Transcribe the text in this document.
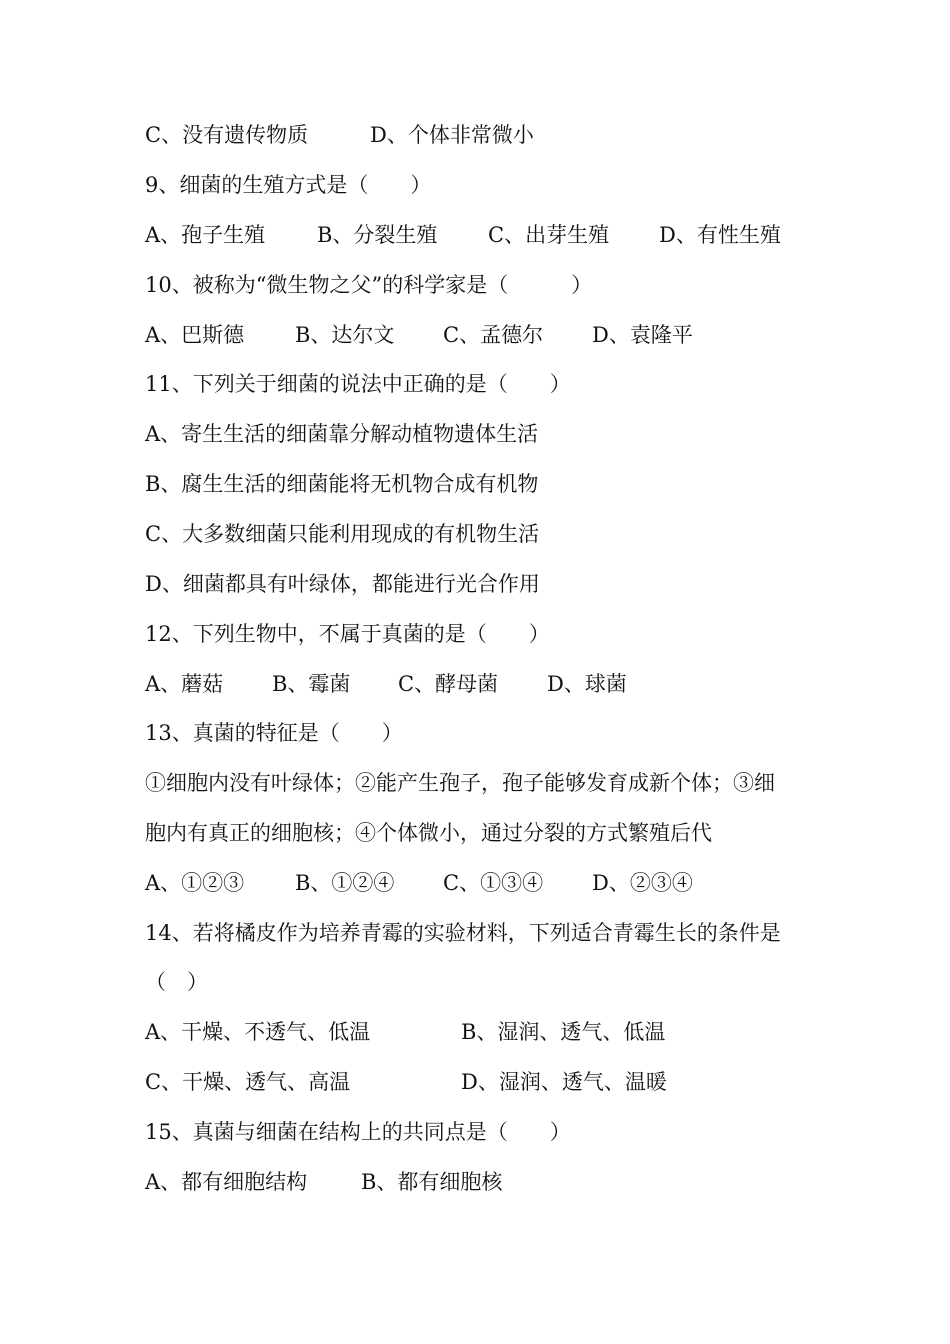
C、没有遗传物质

	D、个体非常微小

9、细菌的生殖方式是（　　）

A、孢子生殖

B、分裂生殖

C、出芽生殖

D、有性生殖

10、被称为“微生物之父”的科学家是（　　　）

A、巴斯德

B、达尔文

C、孟德尔

D、袁隆平

11、下列关于细菌的说法中正确的是（　　）
A、寄生生活的细菌靠分解动植物遗体生活
B、腐生生活的细菌能将无机物合成有机物
C、大多数细菌只能利用现成的有机物生活
D、细菌都具有叶绿体，都能进行光合作用
12、下列生物中，不属于真菌的是（　　）

A、蘑菇

B、霉菌

C、酵母菌

D、球菌

13、真菌的特征是（　　）
①细胞内没有叶绿体；②能产生孢子，孢子能够发育成新个体；③细
胞内有真正的细胞核；④个体微小，通过分裂的方式繁殖后代

A、①②③

B、①②④

C、①③④

D、②③④

14、若将橘皮作为培养青霉的实验材料，下列适合青霉生长的条件是
（　）

A、干燥、不透气、低温

	B、湿润、透气、低温

C、干燥、透气、高温

	D、湿润、透气、温暖

15、真菌与细菌在结构上的共同点是（　　）

A、都有细胞结构

	B、都有细胞核
